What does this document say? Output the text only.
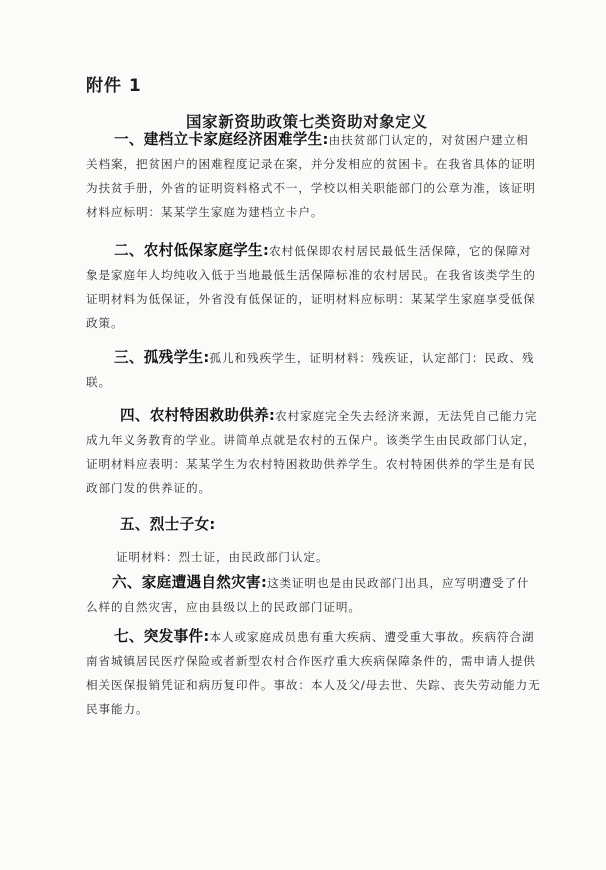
附件 1
国家新资助政策七类资助对象定义
一、建档立卡家庭经济困难学生:由扶贫部门认定的，对贫困户建立相
关档案，把贫困户的困难程度记录在案，并分发相应的贫困卡。在我省具体的证明
为扶贫手册，外省的证明资料格式不一，学校以相关职能部门的公章为准，该证明
材料应标明：某某学生家庭为建档立卡户。
二、农村低保家庭学生:农村低保即农村居民最低生活保障，它的保障对
象是家庭年人均纯收入低于当地最低生活保障标准的农村居民。在我省该类学生的
证明材料为低保证，外省没有低保证的，证明材料应标明：某某学生家庭享受低保
政策。
三、孤残学生:孤儿和残疾学生，证明材料：残疾证，认定部门：民政、残
联。
四、农村特困救助供养:农村家庭完全失去经济来源，无法凭自己能力完
成九年义务教育的学业。讲简单点就是农村的五保户。该类学生由民政部门认定，
证明材料应表明：某某学生为农村特困救助供养学生。农村特困供养的学生是有民
政部门发的供养证的。
五、烈士子女:
证明材料：烈士证，由民政部门认定。
六、家庭遭遇自然灾害:这类证明也是由民政部门出具，应写明遭受了什
么样的自然灾害，应由县级以上的民政部门证明。
七、突发事件:本人或家庭成员患有重大疾病、遭受重大事故。疾病符合湖
南省城镇居民医疗保险或者新型农村合作医疗重大疾病保障条件的，需申请人提供
相关医保报销凭证和病历复印件。事故：本人及父/母去世、失踪、丧失劳动能力无
民事能力。
